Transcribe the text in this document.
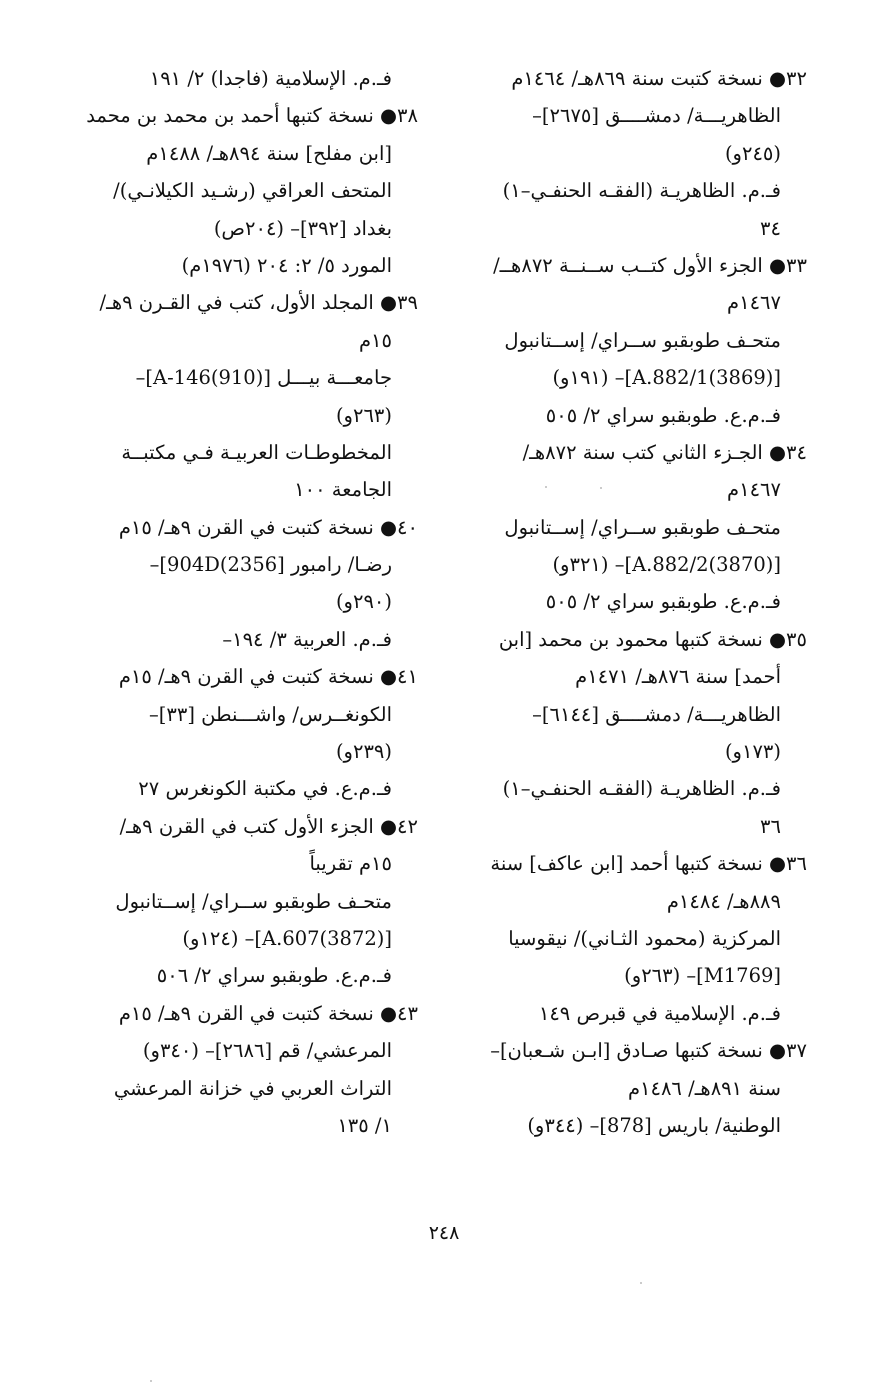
٣٢● نسخة كتبت سنة ٨٦٩هـ/ ١٤٦٤م
الظاهريـــة/ دمشــــق [٢٦٧٥]–
(٢٤٥و)
فـ.م. الظاهريـة (الفقـه الحنفـي–١)
٣٤
٣٣● الجزء الأول كتــب ســنــة ٨٧٢هــ/
١٤٦٧م
متحـف طوبقبو ســراي/ إســتانبول
[A.882/1(3869)]– (١٩١و)
فـ.م.ع. طوبقبو سراي ٢/ ٥٠٥
٣٤● الجـزء الثاني كتب سنة ٨٧٢هـ/
١٤٦٧م
متحـف طوبقبو ســراي/ إســتانبول
[A.882/2(3870)]– (٣٢١و)
فـ.م.ع. طوبقبو سراي ٢/ ٥٠٥
٣٥● نسخة كتبها محمود بن محمد [ابن
أحمد] سنة ٨٧٦هـ/ ١٤٧١م
الظاهريـــة/ دمشــــق [٦١٤٤]–
(١٧٣و)
فـ.م. الظاهريـة (الفقـه الحنفـي–١)
٣٦
٣٦● نسخة كتبها أحمد [ابن عاكف] سنة
٨٨٩هـ/ ١٤٨٤م
المركزية (محمود الثـاني)/ نيقوسيا
[M1769]– (٢٦٣و)
فـ.م. الإسلامية في قبرص ١٤٩
٣٧● نسخة كتبها صـادق [ابـن شـعبان]–
سنة ٨٩١هـ/ ١٤٨٦م
الوطنية/ باريس [878]– (٣٤٤و)
فـ.م. الإسلامية (فاجدا) ٢/ ١٩١
٣٨● نسخة كتبها أحمد بن محمد بن محمد
[ابن مفلح] سنة ٨٩٤هـ/ ١٤٨٨م
المتحف العراقي (رشـيد الكيلانـي)/
بغداد [٣٩٢]– (٢٠٤ص)
المورد ٥/ ٢: ٢٠٤ (١٩٧٦م)
٣٩● المجلد الأول، كتب في القـرن ٩هـ/
١٥م
جامعـــة بيـــل [A-146(910)]–
(٢٦٣و)
المخطوطـات العربيـة فـي مكتبــة
الجامعة ١٠٠
٤٠● نسخة كتبت في القرن ٩هـ/ ١٥م
رضـا/ رامبور [2356)904D]–
(٢٩٠و)
فـ.م. العربية ٣/ ١٩٤–
٤١● نسخة كتبت في القرن ٩هـ/ ١٥م
الكونغــرس/ واشـــنطن [٣٣]–
(٢٣٩و)
فـ.م.ع. في مكتبة الكونغرس ٢٧
٤٢● الجزء الأول كتب في القرن ٩هـ/
١٥م تقريباً
متحـف طوبقبو ســراي/ إســتانبول
[A.607(3872)]– (١٢٤و)
فـ.م.ع. طوبقبو سراي ٢/ ٥٠٦
٤٣● نسخة كتبت في القرن ٩هـ/ ١٥م
المرعشي/ قم [٢٦٨٦]– (٣٤٠و)
التراث العربي في خزانة المرعشي
١/ ١٣٥
٢٤٨
